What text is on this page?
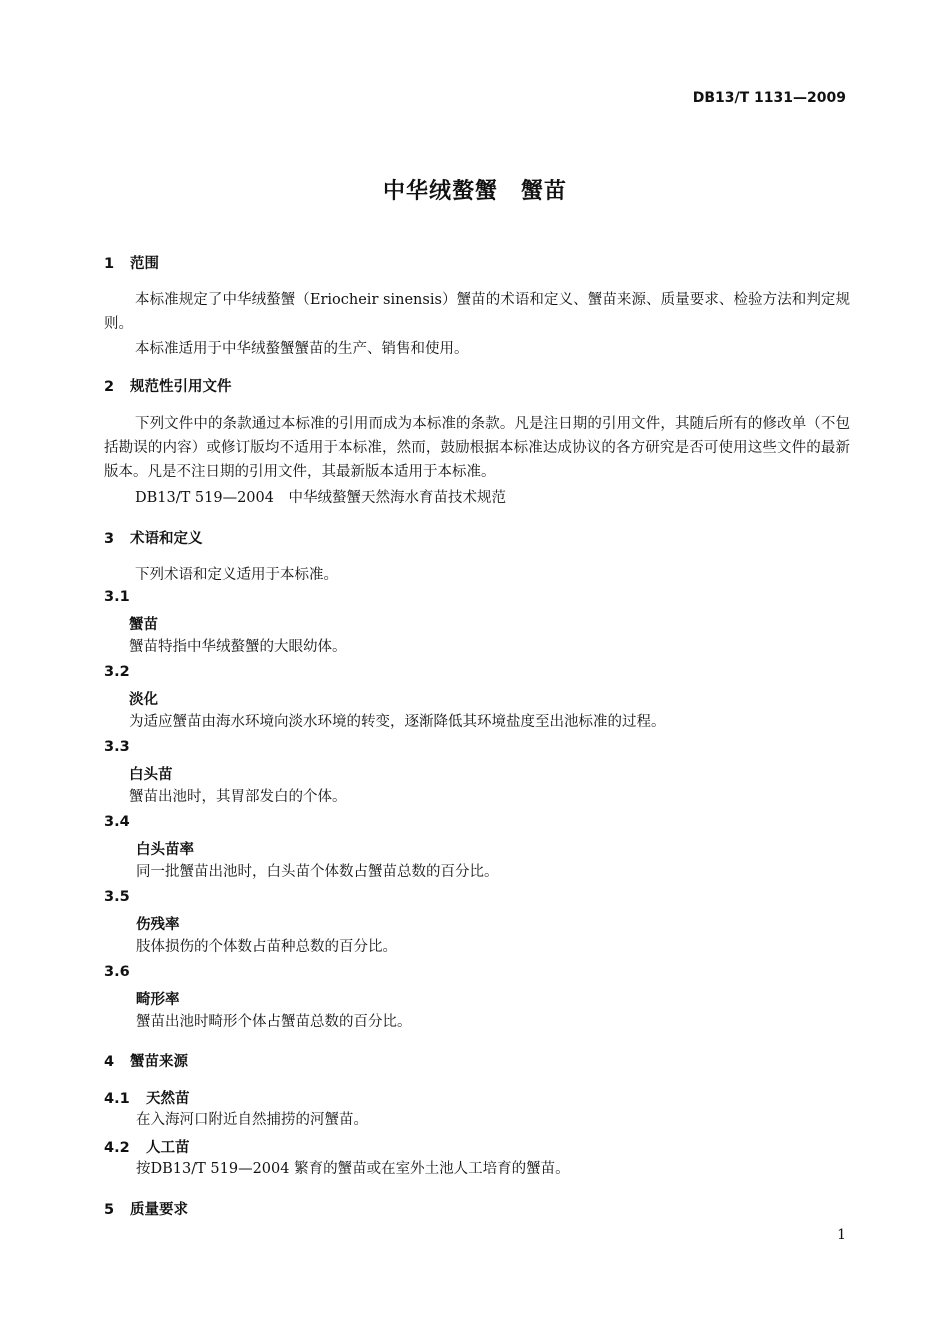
DB13/T 1131—2009
中华绒螯蟹　蟹苗
1 范围
本标准规定了中华绒螯蟹（Eriocheir sinensis）蟹苗的术语和定义、蟹苗来源、质量要求、检验方法和判定规则。
本标准适用于中华绒螯蟹蟹苗的生产、销售和使用。
2 规范性引用文件
下列文件中的条款通过本标准的引用而成为本标准的条款。凡是注日期的引用文件，其随后所有的修改单（不包括勘误的内容）或修订版均不适用于本标准，然而，鼓励根据本标准达成协议的各方研究是否可使用这些文件的最新版本。凡是不注日期的引用文件，其最新版本适用于本标准。
DB13/T 519—2004　中华绒螯蟹天然海水育苗技术规范
3 术语和定义
下列术语和定义适用于本标准。
3.1
蟹苗
蟹苗特指中华绒螯蟹的大眼幼体。
3.2
淡化
为适应蟹苗由海水环境向淡水环境的转变，逐渐降低其环境盐度至出池标准的过程。
3.3
白头苗
蟹苗出池时，其胃部发白的个体。
3.4
白头苗率
同一批蟹苗出池时，白头苗个体数占蟹苗总数的百分比。
3.5
伤残率
肢体损伤的个体数占苗种总数的百分比。
3.6
畸形率
蟹苗出池时畸形个体占蟹苗总数的百分比。
4 蟹苗来源
4.1 天然苗
在入海河口附近自然捕捞的河蟹苗。
4.2 人工苗
按DB13/T 519—2004 繁育的蟹苗或在室外土池人工培育的蟹苗。
5 质量要求
1
